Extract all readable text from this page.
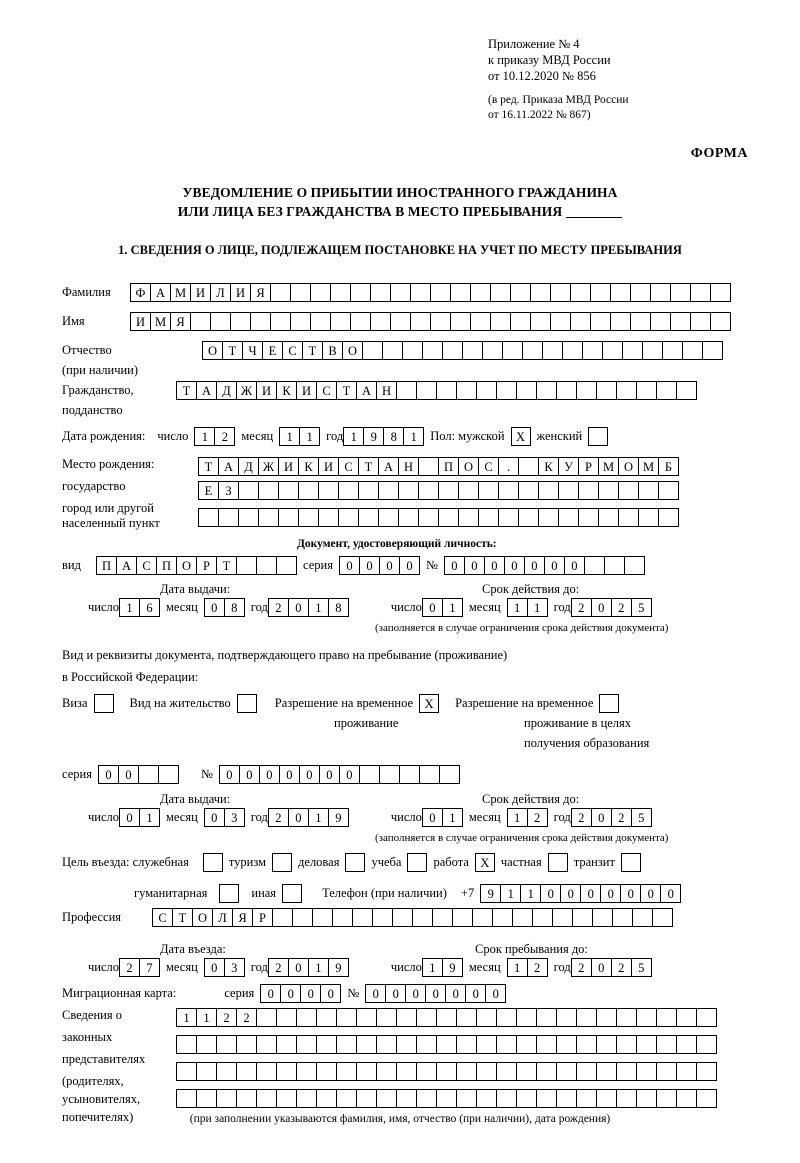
Приложение № 4
к приказу МВД России
от 10.12.2020 № 856
(в ред. Приказа МВД России
от 16.11.2022 № 867)
ФОРМА
УВЕДОМЛЕНИЕ О ПРИБЫТИИ ИНОСТРАННОГО ГРАЖДАНИНА
ИЛИ ЛИЦА БЕЗ ГРАЖДАНСТВА В МЕСТО ПРЕБЫВАНИЯ
1. СВЕДЕНИЯ О ЛИЦЕ, ПОДЛЕЖАЩЕМ ПОСТАНОВКЕ НА УЧЕТ ПО МЕСТУ ПРЕБЫВАНИЯ
Фамилия	Ф А М И Л И Я
Имя	И М Я
Отчество	О Т Ч Е С Т В О
(при наличии)
Гражданство,	Т А Д Ж И К И С Т А Н
подданство
Дата рождения: число	1	2	месяц	1	1	год 1	9	8	1	Пол: мужской X женский
Место рождения:	Т А Д Ж И К И С Т А Н	П О С	.	К У Р М О М Б
государство	Е	З
город или другой
населенный пункт
Документ, удостоверяющий личность:
вид	П А С П О Р	Т	серия	0	0	0	0	№	0	0	0	0	0	0	0
Дата выдачи:	Срок действия до:
число 1	6	месяц	0	8	год 2	0	1	8	число 0	1	месяц	1	1	год 2	0	2	5
(заполняется в случае ограничения срока действия документа)
Вид и реквизиты документа, подтверждающего право на пребывание (проживание)
в Российской Федерации:
Виза	Вид на жительство	Разрешение на временное X	Разрешение на временное
проживание	проживание в целях
получения образования
серия	0	0	№	0	0	0	0	0	0	0
Дата выдачи:	Срок действия до:
число 0	1	месяц	0	3	год 2	0	1	9	число 0	1	месяц	1	2	год 2	0	2	5
(заполняется в случае ограничения срока действия документа)
Цель въезда: служебная	туризм	деловая	учеба	работа X частная	транзит
гуманитарная	иная	Телефон (при наличии) +7	9	1	1	0	0	0	0	0	0	0
Профессия	С Т О Л Я Р
Дата въезда:	Срок пребывания до:
число 2	7	месяц	0	3	год 2	0	1	9	число 1	9	месяц	1	2	год 2	0	2	5
Миграционная карта:	серия	0	0	0	0	№	0	0	0	0	0	0	0
Сведения о
законных
представителях
(родителях,
усыновителях,
попечителях)
1	1	2	2
(при заполнении указываются фамилия, имя, отчество (при наличии), дата рождения)
